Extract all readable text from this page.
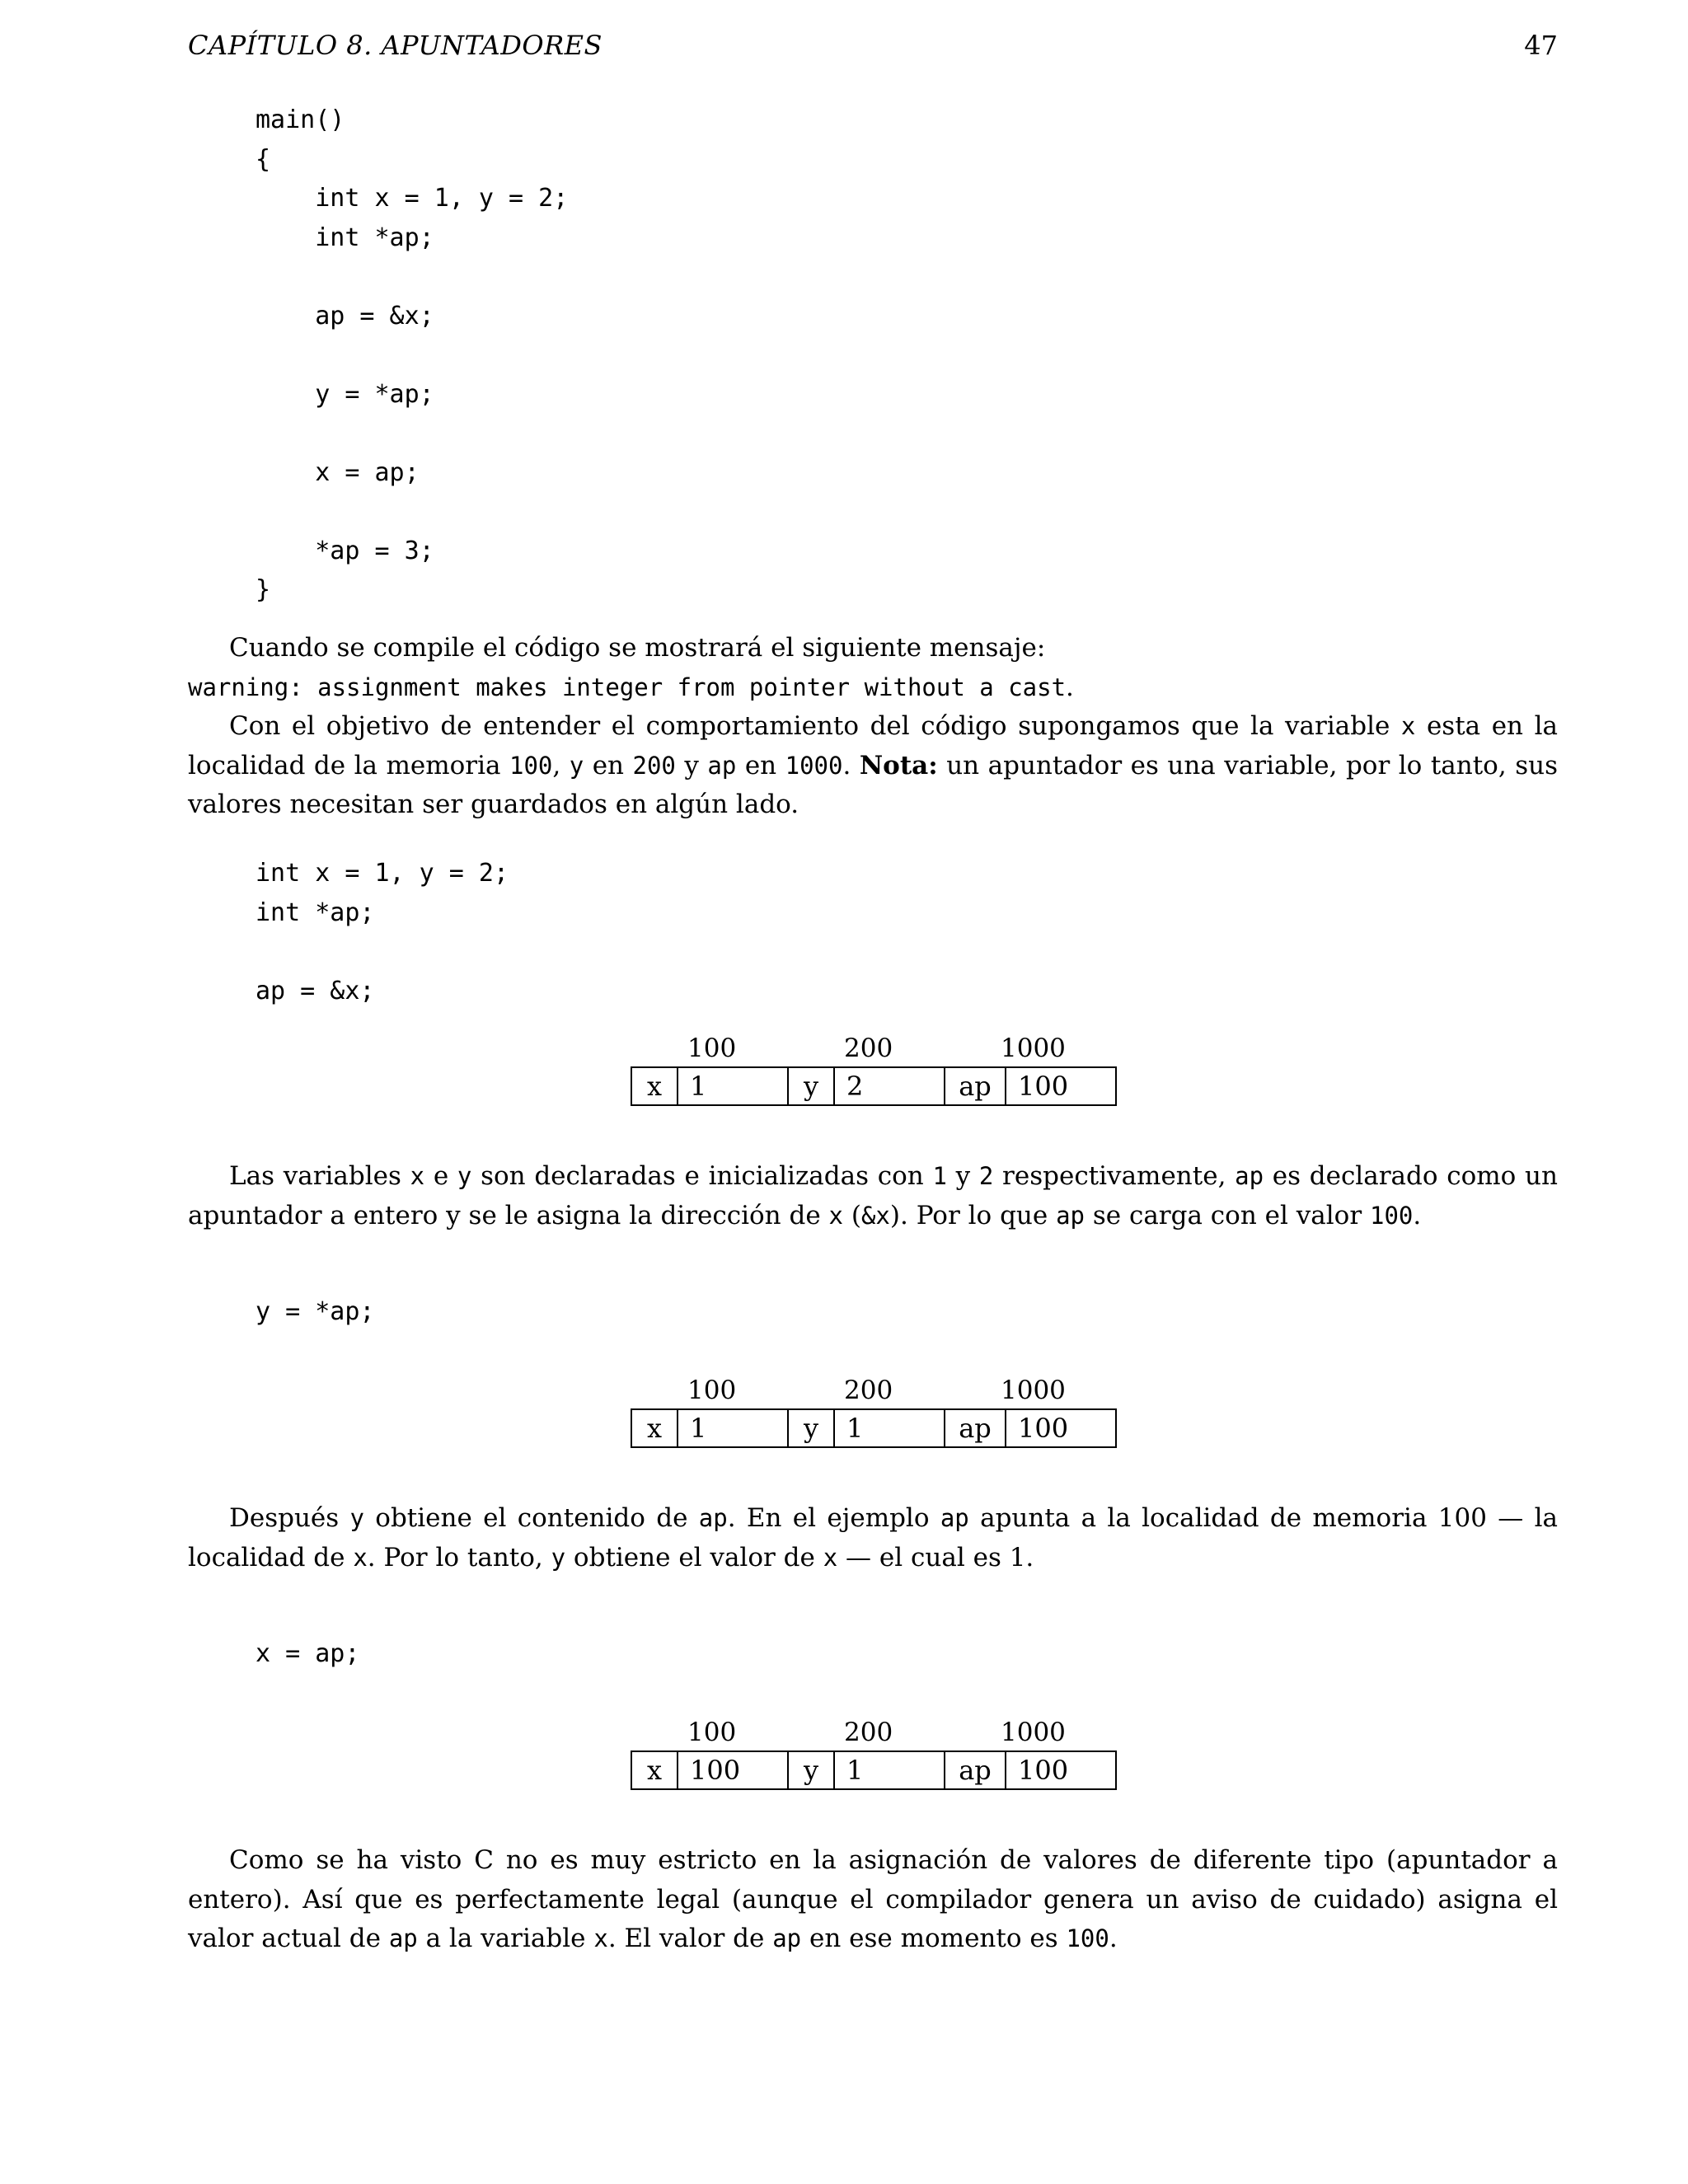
CAPÍTULO 8. APUNTADORES	47
main()
{
int x = 1, y = 2;
int *ap;

ap = &x;

y = *ap;

x = ap;

*ap = 3;
}

Cuando se compile el código se mostrará el siguiente mensaje:

warning: assignment makes integer from pointer without a cast.

Con el objetivo de entender el comportamiento del código supongamos que la variable x esta en la localidad de la memoria 100, y en 200 y ap en 1000. Nota: un apuntador es una variable, por lo tanto, sus valores necesitan ser guardados en algún lado.

int x = 1, y = 2;
int *ap;

ap = &x;
100	200	1000
x	1	y	2	ap	100

Las variables x e y son declaradas e inicializadas con 1 y 2 respectivamente, ap es declarado como un apuntador a entero y se le asigna la dirección de x (&x). Por lo que ap se carga con el valor 100.

y = *ap;
100	200	1000
x	1	y	1	ap	100

Después y obtiene el contenido de ap. En el ejemplo ap apunta a la localidad de memoria 100 — la localidad de x. Por lo tanto, y obtiene el valor de x — el cual es 1.

x = ap;
100	200	1000
x	100	y	1	ap	100

Como se ha visto C no es muy estricto en la asignación de valores de diferente tipo (apuntador a entero). Así que es perfectamente legal (aunque el compilador genera un aviso de cuidado) asigna el valor actual de ap a la variable x. El valor de ap en ese momento es 100.
